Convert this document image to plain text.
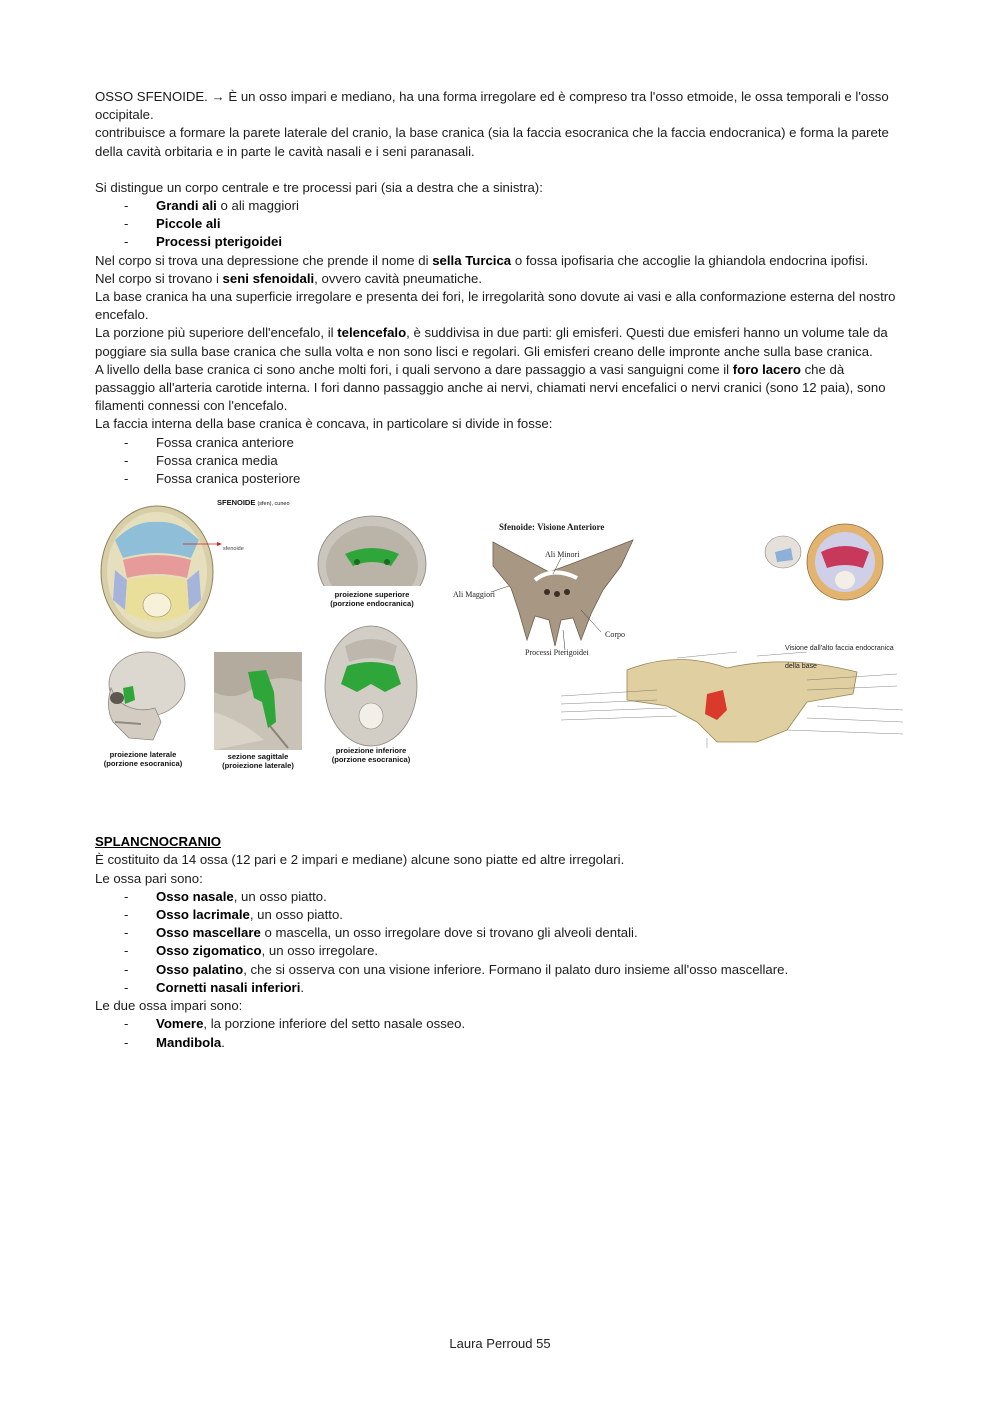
OSSO SFENOIDE. → È un osso impari e mediano, ha una forma irregolare ed è compreso tra l'osso etmoide, le ossa temporali e l'osso occipitale.

contribuisce a formare la parete laterale del cranio, la base cranica (sia la faccia esocranica che la faccia endocranica) e forma la parete della cavità orbitaria e in parte le cavità nasali e i seni paranasali.

Si distingue un corpo centrale e tre processi pari (sia a destra che a sinistra):

- Grandi ali o ali maggiori
- Piccole ali
- Processi pterigoidei

Nel corpo si trova una depressione che prende il nome di sella Turcica o fossa ipofisaria che accoglie la ghiandola endocrina ipofisi.

Nel corpo si trovano i seni sfenoidali, ovvero cavità pneumatiche.

La base cranica ha una superficie irregolare e presenta dei fori, le irregolarità sono dovute ai vasi e alla conformazione esterna del nostro encefalo.

La porzione più superiore dell'encefalo, il telencefalo, è suddivisa in due parti: gli emisferi. Questi due emisferi hanno un volume tale da poggiare sia sulla base cranica che sulla volta e non sono lisci e regolari. Gli emisferi creano delle impronte anche sulla base cranica.

A livello della base cranica ci sono anche molti fori, i quali servono a dare passaggio a vasi sanguigni come il foro lacero che dà passaggio all'arteria carotide interna. I fori danno passaggio anche ai nervi, chiamati nervi encefalici o nervi cranici (sono 12 paia), sono filamenti connessi con l'encefalo.

La faccia interna della base cranica è concava, in particolare si divide in fosse:

- Fossa cranica anteriore
- Fossa cranica media
- Fossa cranica posteriore
SFENOIDE (sfen), cuneo
sfenoide
proiezione superiore
(porzione endocranica)
proiezione laterale
(porzione esocranica)
sezione sagittale
(proiezione laterale)
proiezione inferiore
(porzione esocranica)
Sfenoide: Visione Anteriore
Ali Minori
Ali Maggiori
Corpo
Processi Pterigoidei	Visione dall'alto faccia endocranica della base

SPLANCNOCRANIO

È costituito da 14 ossa (12 pari e 2 impari e mediane) alcune sono piatte ed altre irregolari.

Le ossa pari sono:

- Osso nasale, un osso piatto.
- Osso lacrimale, un osso piatto.
- Osso mascellare o mascella, un osso irregolare dove si trovano gli alveoli dentali.
- Osso zigomatico, un osso irregolare.
- Osso palatino, che si osserva con una visione inferiore. Formano il palato duro insieme all'osso mascellare.
- Cornetti nasali inferiori.

Le due ossa impari sono:

- Vomere, la porzione inferiore del setto nasale osseo.
- Mandibola.
Laura Perroud 55
